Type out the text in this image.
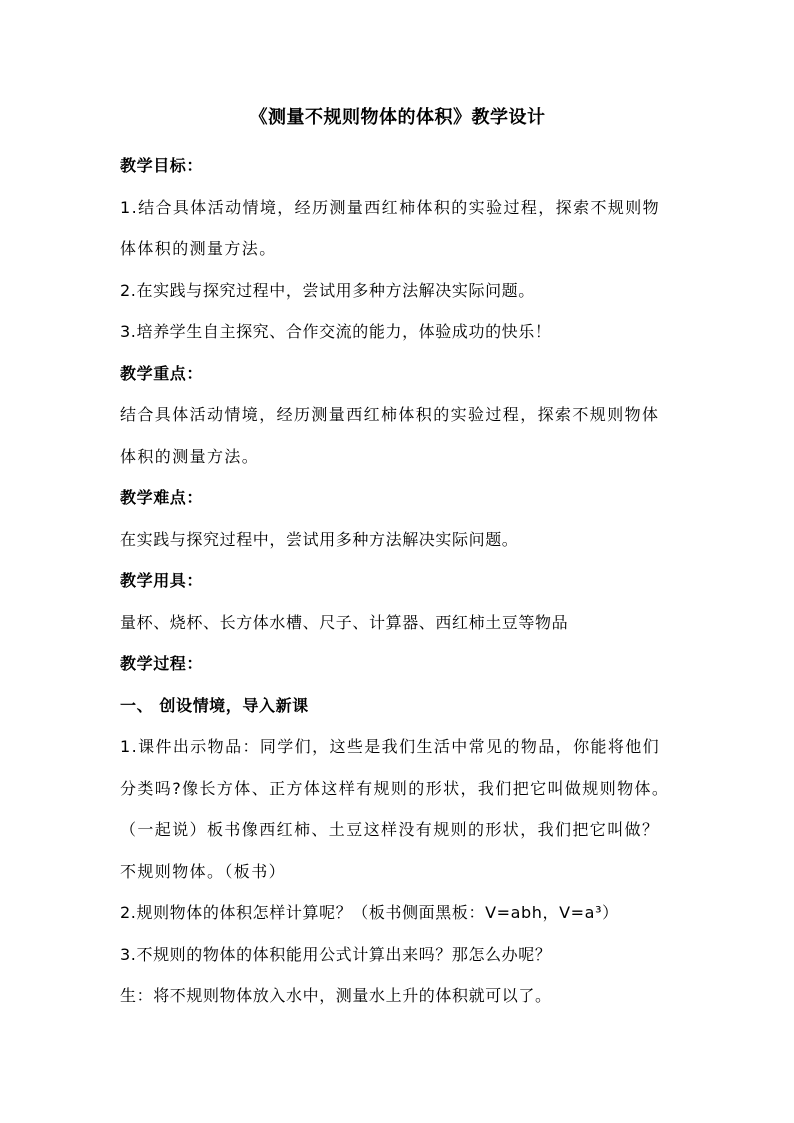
《测量不规则物体的体积》教学设计

教学目标：

1.结合具体活动情境，经历测量西红柿体积的实验过程，探索不规则物体体积的测量方法。

2.在实践与探究过程中，尝试用多种方法解决实际问题。

3.培养学生自主探究、合作交流的能力，体验成功的快乐！

教学重点：

结合具体活动情境，经历测量西红柿体积的实验过程，探索不规则物体体积的测量方法。

教学难点：

在实践与探究过程中，尝试用多种方法解决实际问题。

教学用具：

量杯、烧杯、长方体水槽、尺子、计算器、西红柿土豆等物品

教学过程：

一、 创设情境，导入新课

1.课件出示物品：同学们，这些是我们生活中常见的物品，你能将他们分类吗?像长方体、正方体这样有规则的形状，我们把它叫做规则物体。（一起说）板书像西红柿、土豆这样没有规则的形状，我们把它叫做？不规则物体。（板书）

2.规则物体的体积怎样计算呢？（板书侧面黑板：V=abh，V=a³）

3.不规则的物体的体积能用公式计算出来吗？那怎么办呢？

生：将不规则物体放入水中，测量水上升的体积就可以了。
